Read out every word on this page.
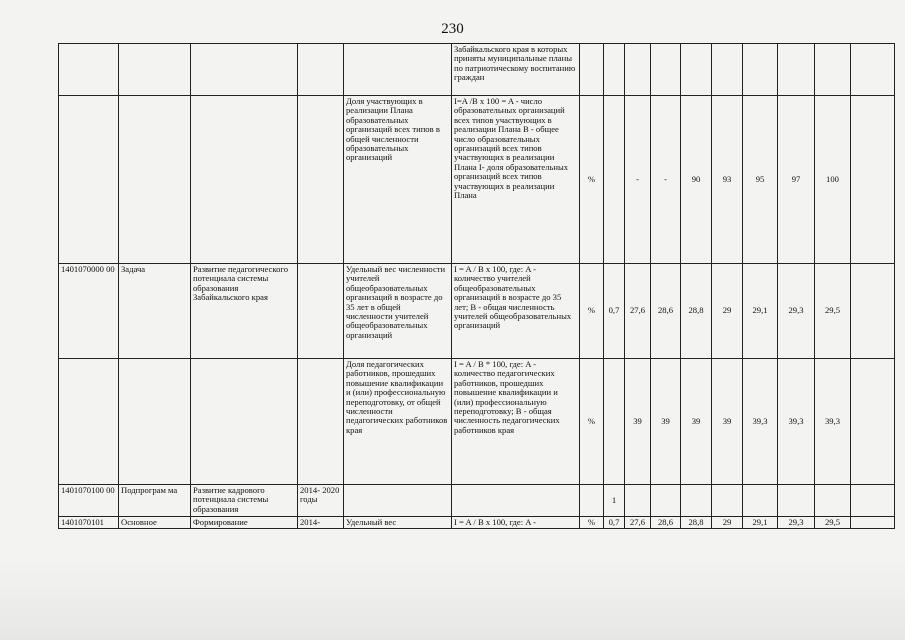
230
					Забайкальского края в которых приняты муниципальные планы по патриотическому воспитанию граждан										
				Доля участвующих в реализации Плана образовательных организаций всех типов в общей численности образовательных организаций	I=A /B x 100 = A - число образовательных организаций всех типов участвующих в реализации Плана B - общее число образовательных организаций всех типов участвующих в реализации Плана I- доля образовательных организаций всех типов участвующих в реализации Плана	%		-	-	90	93	95	97	100	
1401070000 00	Задача	Развитие педагогического потенциала системы образования Забайкальского края		Удельный вес численности учителей общеобразовательных организаций в возрасте до 35 лет в общей численности учителей общеобразовательных организаций	I = A / B x 100, где: A - количество учителей общеобразовательных организаций в возрасте до 35 лет; B - общая численность учителей общеобразовательных организаций	%	0,7	27,6	28,6	28,8	29	29,1	29,3	29,5	
				Доля педагогических работников, прошедших повышение квалификации и (или) профессиональную переподготовку, от общей численности педагогических работников края	I = A / B * 100, где: A - количество педагогических работников, прошедших повышение квалификации и (или) профессиональную переподготовку; B - общая численность педагогических работников края	%		39	39	39	39	39,3	39,3	39,3	
1401070100 00	Подпрограм ма	Развитие кадрового потенциала системы образования	2014- 2020 годы				1								
1401070101	Основное	Формирование	2014-	Удельный вес	I = A / B x 100, где: A -	%	0,7	27,6	28,6	28,8	29	29,1	29,3	29,5	
